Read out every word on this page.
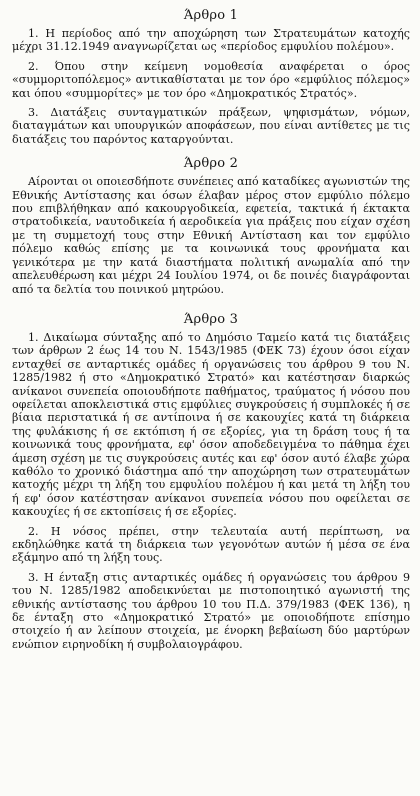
Άρθρο 1

1. Η περίοδος από την αποχώρηση των Στρατευμάτων κατοχής μέχρι 31.12.1949 αναγνωρίζεται ως «περίοδος εμφυλίου πολέμου».

2. Όπου στην κείμενη νομοθεσία αναφέρεται ο όρος «συμμοριτοπόλεμος» αντικαθίσταται με τον όρο «εμφύλιος πόλεμος» και όπου «συμμορίτες» με τον όρο «Δημοκρατικός Στρατός».

3. Διατάξεις συνταγματικών πράξεων, ψηφισμάτων, νόμων, διαταγμάτων και υπουργικών αποφάσεων, που είναι αντίθετες με τις διατάξεις του παρόντος καταργούνται.

Άρθρο 2

Αίρονται οι οποιεσδήποτε συνέπειες από καταδίκες αγωνιστών της Εθνικής Αντίστασης και όσων έλαβαν μέρος στον εμφύλιο πόλεμο που επιβλήθηκαν από κακουργοδικεία, εφετεία, τακτικά ή έκτακτα στρατοδικεία, ναυτοδικεία ή αεροδικεία για πράξεις που είχαν σχέση με τη συμμετοχή τους στην Εθνική Αντίσταση και τον εμφύλιο πόλεμο καθώς επίσης με τα κοινωνικά τους φρονήματα και γενικότερα με την κατά διαστήματα πολιτική ανωμαλία από την απελευθέρωση και μέχρι 24 Ιουλίου 1974, οι δε ποινές διαγράφονται από τα δελτία του ποινικού μητρώου.

Άρθρο 3

1. Δικαίωμα σύνταξης από το Δημόσιο Ταμείο κατά τις διατάξεις των άρθρων 2 έως 14 του Ν. 1543/1985 (ΦΕΚ 73) έχουν όσοι είχαν ενταχθεί σε ανταρτικές ομάδες ή οργανώσεις του άρθρου 9 του Ν. 1285/1982 ή στο «Δημοκρατικό Στρατό» και κατέστησαν διαρκώς ανίκανοι συνεπεία οποιουδήποτε παθήματος, τραύματος ή νόσου που οφείλεται αποκλειστικά στις εμφύλιες συγκρούσεις ή συμπλοκές ή σε βίαια περιστατικά ή σε αντίποινα ή σε κακουχίες κατά τη διάρκεια της φυλάκισης ή σε εκτόπιση ή σε εξορίες, για τη δράση τους ή τα κοινωνικά τους φρονήματα, εφ' όσον αποδεδειγμένα το πάθημα έχει άμεση σχέση με τις συγκρούσεις αυτές και εφ' όσον αυτό έλαβε χώρα καθόλο το χρονικό διάστημα από την αποχώρηση των στρατευμάτων κατοχής μέχρι τη λήξη του εμφυλίου πολέμου ή και μετά τη λήξη του ή εφ' όσον κατέστησαν ανίκανοι συνεπεία νόσου που οφείλεται σε κακουχίες ή σε εκτοπίσεις ή σε εξορίες.

2. Η νόσος πρέπει, στην τελευταία αυτή περίπτωση, να εκδηλώθηκε κατά τη διάρκεια των γεγονότων αυτών ή μέσα σε ένα εξάμηνο από τη λήξη τους.

3. Η ένταξη στις ανταρτικές ομάδες ή οργανώσεις του άρθρου 9 του Ν. 1285/1982 αποδεικνύεται με πιστοποιητικό αγωνιστή της εθνικής αντίστασης του άρθρου 10 του Π.Δ. 379/1983 (ΦΕΚ 136), η δε ένταξη στο «Δημοκρατικό Στρατό» με οποιοδήποτε επίσημο στοιχείο ή αν λείπουν στοιχεία, με ένορκη βεβαίωση δύο μαρτύρων ενώπιον ειρηνοδίκη ή συμβολαιογράφου.
